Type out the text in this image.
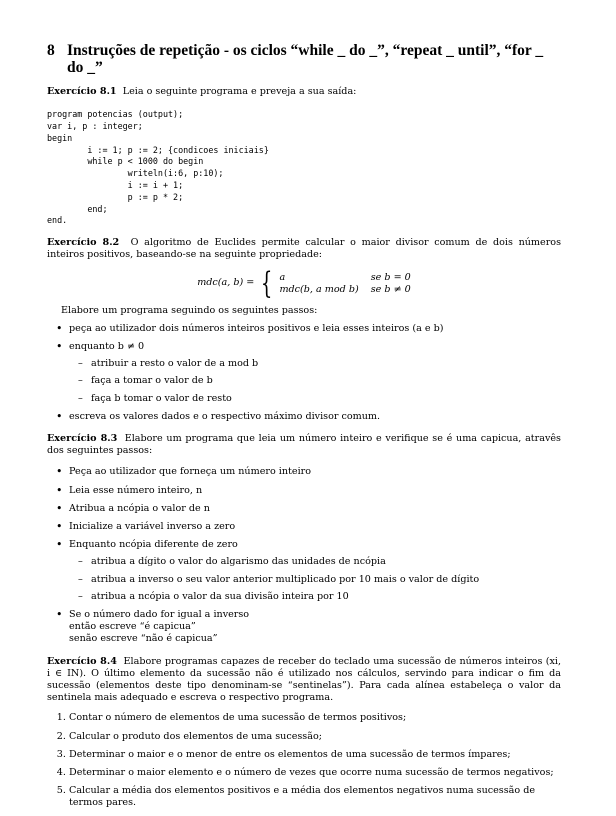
8 Instruções de repetição - os ciclos “while _ do _”, “repeat _ until”, “for _ do _”

Exercício 8.1 Leia o seguinte programa e preveja a sua saída:

program potencias (output);
var i, p : integer;
begin
i := 1; p := 2; {condicoes iniciais}
while p < 1000 do begin
writeln(i:6, p:10);
i := i + 1;
p := p * 2;
end;
end.

Exercício 8.2 O algoritmo de Euclides permite calcular o maior divisor comum de dois números inteiros positivos, baseando-se na seguinte propriedade:

mdc(a, b) = { a	se b = 0
mdc(b, a mod b) se b ≠ 0

Elabore um programa seguindo os seguintes passos:

• peça ao utilizador dois números inteiros positivos e leia esses inteiros (a e b)
• enquanto b ≠ 0
– atribuir a resto o valor de a mod b
– faça a tomar o valor de b
– faça b tomar o valor de resto
• escreva os valores dados e o respectivo máximo divisor comum.

Exercício 8.3 Elabore um programa que leia um número inteiro e verifique se é uma capicua, atravês dos seguintes passos:

• Peça ao utilizador que forneça um número inteiro
• Leia esse número inteiro, n
• Atribua a ncópia o valor de n
• Inicialize a variável inverso a zero
• Enquanto ncópia diferente de zero
– atribua a dígito o valor do algarismo das unidades de ncópia
– atribua a inverso o seu valor anterior multiplicado por 10 mais o valor de dígito
– atribua a ncópia o valor da sua divisão inteira por 10
• Se o número dado for igual a inverso
então escreve “é capicua”
senão escreve “não é capicua”

Exercício 8.4 Elabore programas capazes de receber do teclado uma sucessão de números inteiros (xi, i ∈ IN). O último elemento da sucessão não é utilizado nos cálculos, servindo para indicar o fim da sucessão (elementos deste tipo denominam-se “sentinelas”). Para cada alínea estabeleça o valor da sentinela mais adequado e escreva o respectivo programa.

1. Contar o número de elementos de uma sucessão de termos positivos;
2. Calcular o produto dos elementos de uma sucessão;
3. Determinar o maior e o menor de entre os elementos de uma sucessão de termos ímpares;
4. Determinar o maior elemento e o número de vezes que ocorre numa sucessão de termos negativos;
5. Calcular a média dos elementos positivos e a média dos elementos negativos numa sucessão de termos pares.
